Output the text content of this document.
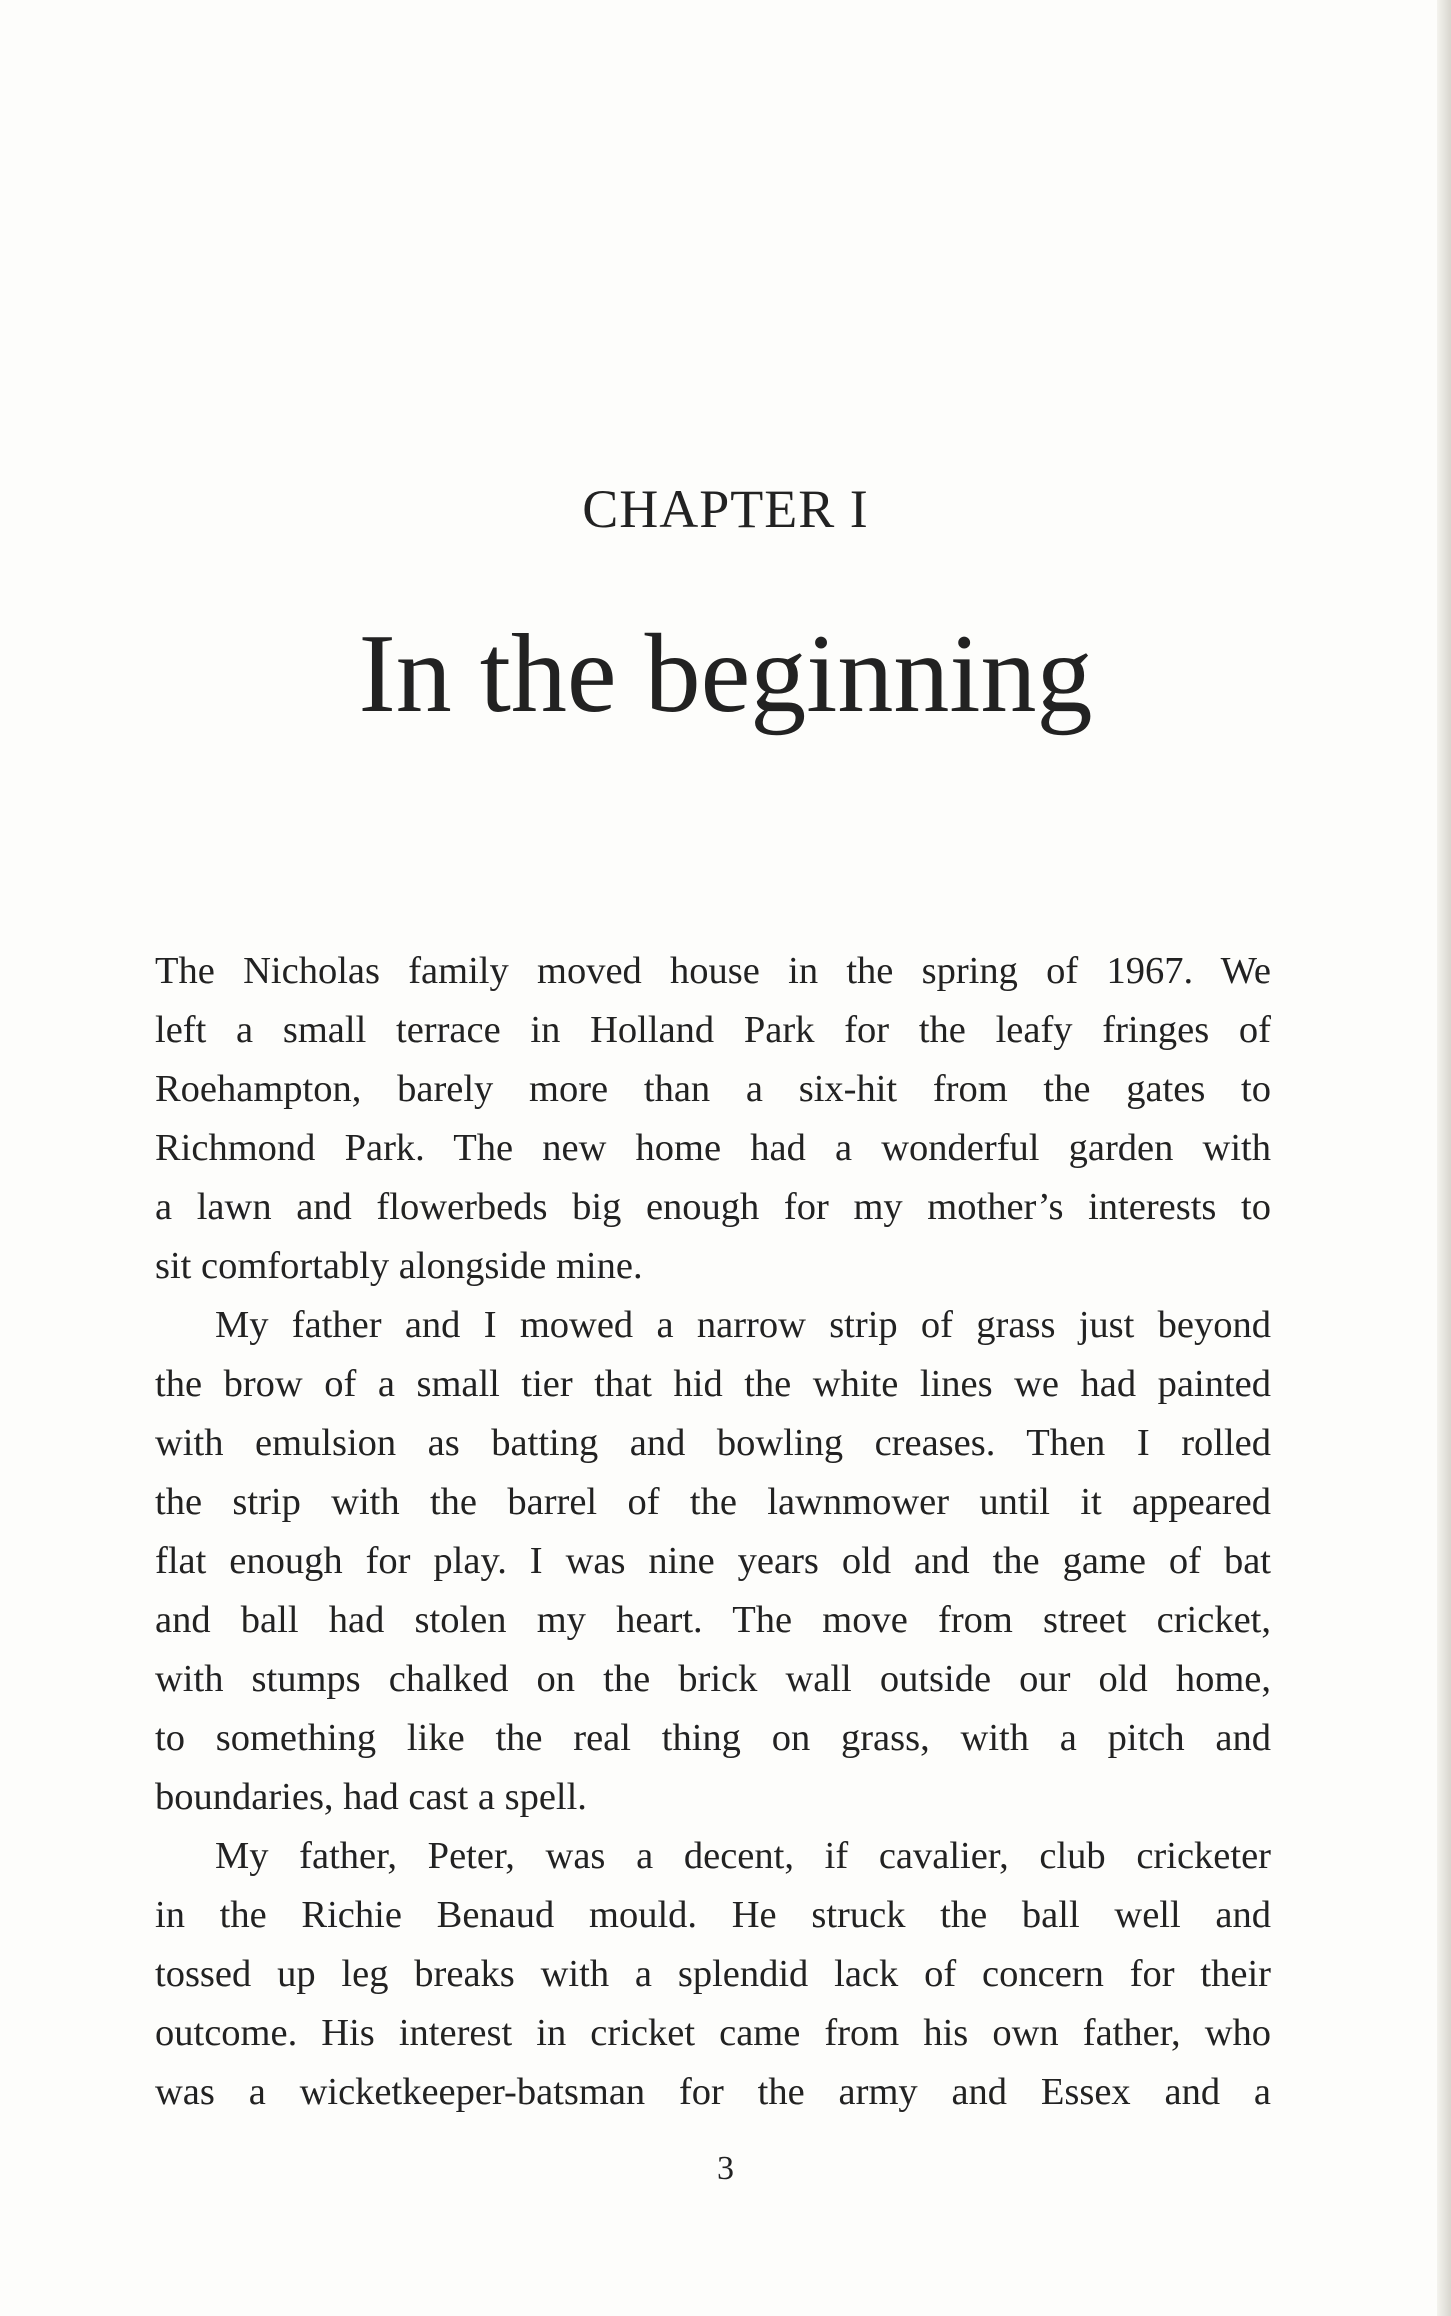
CHAPTER I
In the beginning
The Nicholas family moved house in the spring of 1967. We
left a small terrace in Holland Park for the leafy fringes of
Roehampton, barely more than a six-hit from the gates to
Richmond Park. The new home had a wonderful garden with
a lawn and flowerbeds big enough for my mother’s interests to
sit comfortably alongside mine.
My father and I mowed a narrow strip of grass just beyond
the brow of a small tier that hid the white lines we had painted
with emulsion as batting and bowling creases. Then I rolled
the strip with the barrel of the lawnmower until it appeared
flat enough for play. I was nine years old and the game of bat
and ball had stolen my heart. The move from street cricket,
with stumps chalked on the brick wall outside our old home,
to something like the real thing on grass, with a pitch and
boundaries, had cast a spell.
My father, Peter, was a decent, if cavalier, club cricketer
in the Richie Benaud mould. He struck the ball well and
tossed up leg breaks with a splendid lack of concern for their
outcome. His interest in cricket came from his own father, who
was a wicketkeeper-batsman for the army and Essex and a
3
